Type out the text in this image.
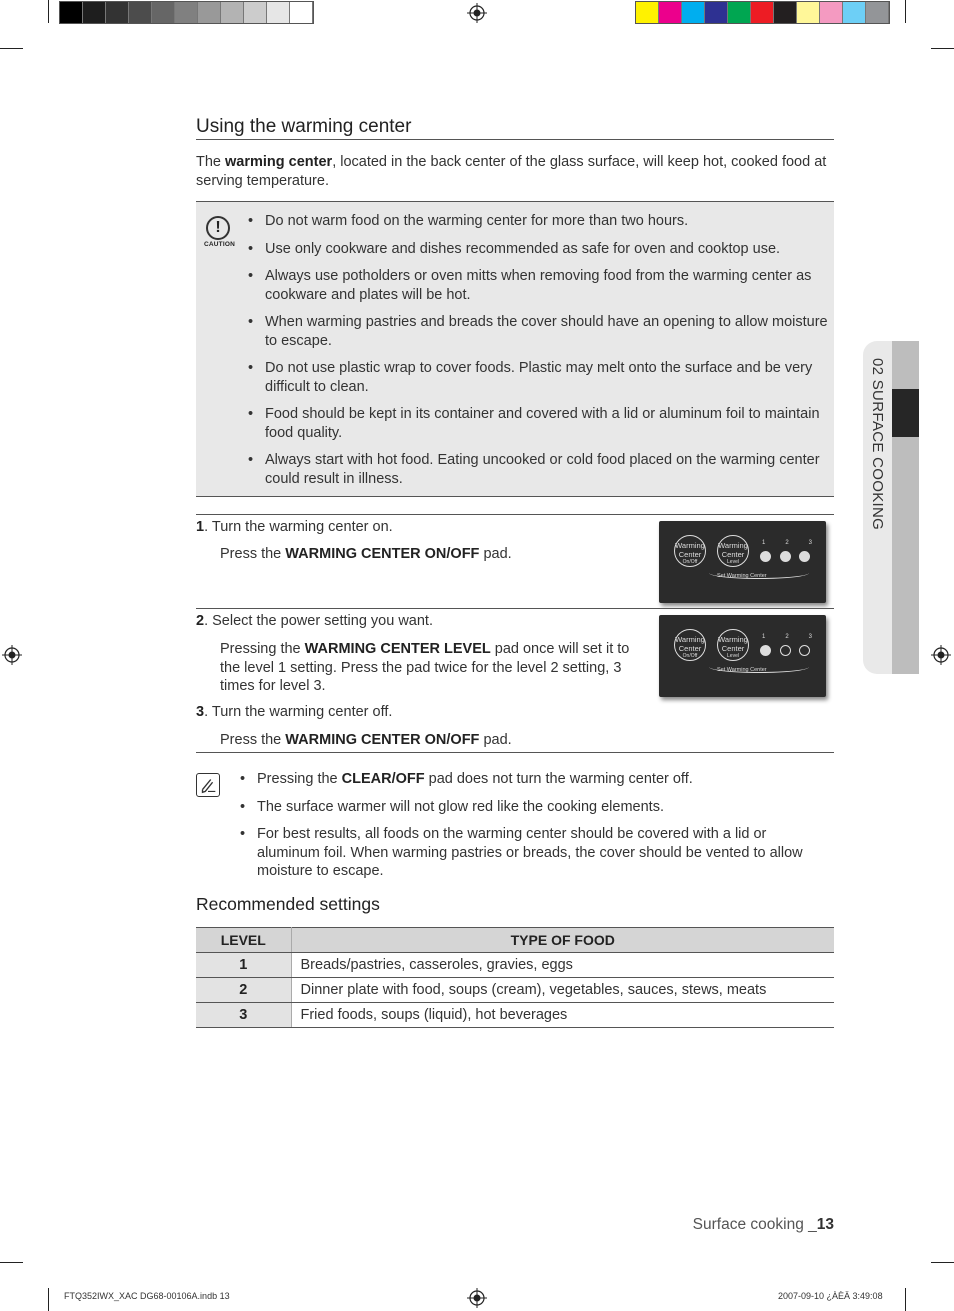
Using the warming center

The warming center, located in the back center of the glass surface, will keep hot, cooked food at serving temperature.

!
CAUTION
• Do not warm food on the warming center for more than two hours.
• Use only cookware and dishes recommended as safe for oven and cooktop use.
• Always use potholders or oven mitts when removing food from the warming center as cookware and plates will be hot.
• When warming pastries and breads the cover should have an opening to allow moisture to escape.
• Do not use plastic wrap to cover foods. Plastic may melt onto the surface and be very difficult to clean.
• Food should be kept in its container and covered with a lid or aluminum foil to maintain food quality.
• Always start with hot food. Eating uncooked or cold food placed on the warming center could result in illness.
1. Turn the warming center on.
Press the WARMING CENTER ON/OFF pad.
Warming Center
On/Off
Warming Center
Level
1	2	3
Set Warming Center
2. Select the power setting you want.
Pressing the WARMING CENTER LEVEL pad once will set it to the level 1 setting. Press the pad twice for the level 2 setting, 3 times for level 3.
Warming Center
On/Off
Warming Center
Level
1	2	3
Set Warming Center
3. Turn the warming center off.
Press the WARMING CENTER ON/OFF pad.
• Pressing the CLEAR/OFF pad does not turn the warming center off.
• The surface warmer will not glow red like the cooking elements.
• For best results, all foods on the warming center should be covered with a lid or aluminum foil. When warming pastries or breads, the cover should be vented to allow moisture to escape.
Recommended settings
LEVEL	TYPE OF FOOD
1	Breads/pastries, casseroles, gravies, eggs
2	Dinner plate with food, soups (cream), vegetables, sauces, stews, meats
3	Fried foods, soups (liquid), hot beverages
02 SURFACE COOKING
Surface cooking _13
FTQ352IWX_XAC DG68-00106A.indb 13	2007-09-10 ¿ÀÈÄ 3:49:08
